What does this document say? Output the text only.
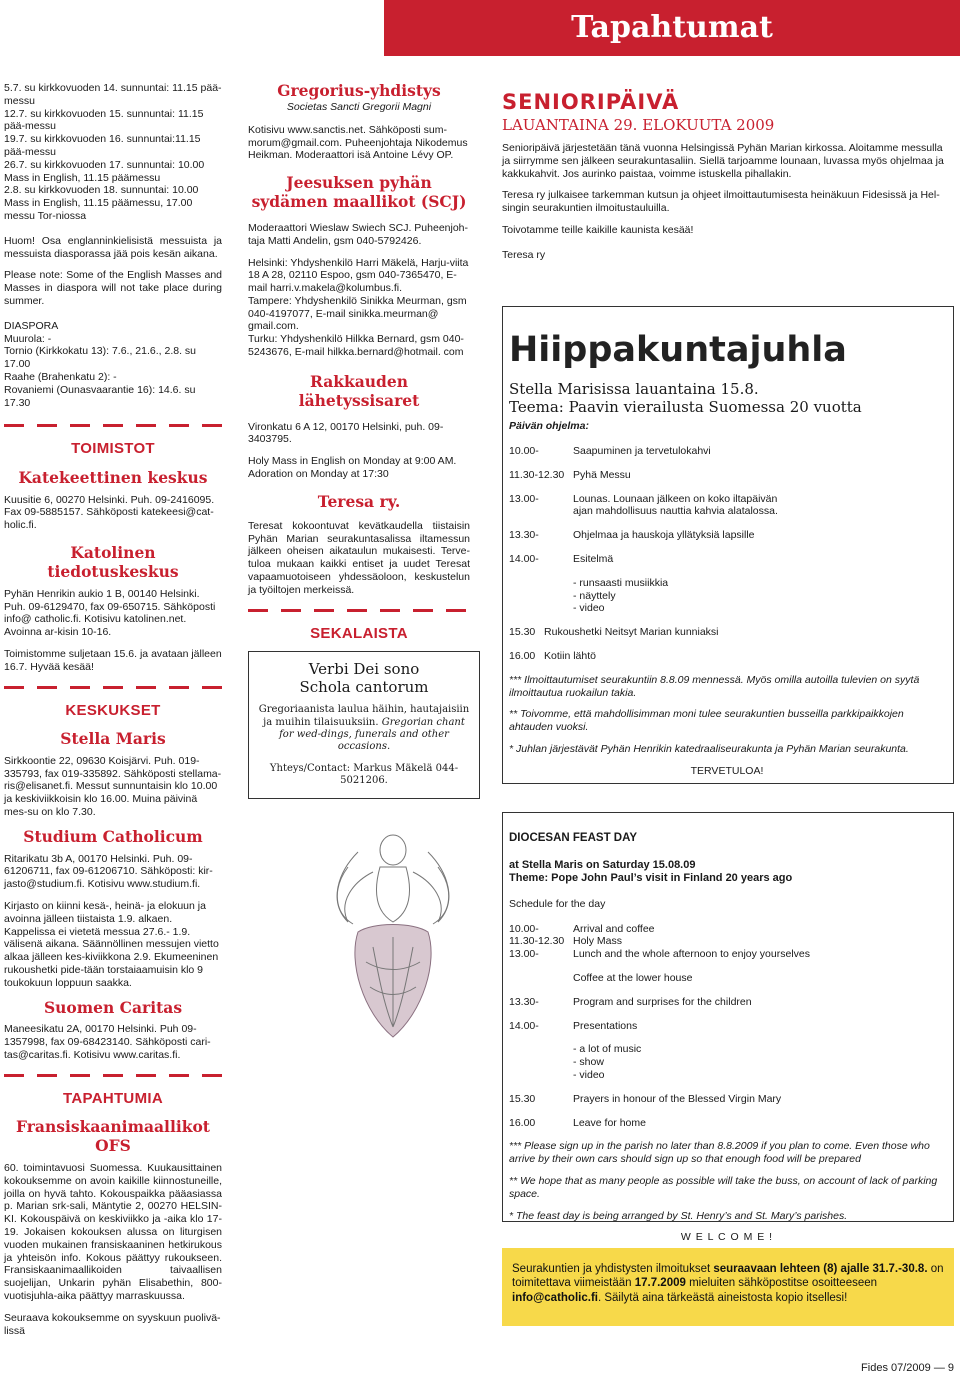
Tapahtumat

5.7. su kirkkovuoden 14. sunnuntai: 11.15 pää-messu

12.7. su kirkkovuoden 15. sunnuntai: 11.15 pää-messu

19.7. su kirkkovuoden 16. sunnuntai:11.15 pää-messu

26.7. su kirkkovuoden 17. sunnuntai: 10.00 Mass in English, 11.15 päämessu

2.8. su kirkkovuoden 18. sunnuntai: 10.00 Mass in English, 11.15 päämessu, 17.00 messu Tor-niossa

Huom! Osa englanninkielisistä messuista ja messuista diasporassa jää pois kesän aikana.

Please note: Some of the English Masses and Masses in diaspora will not take place during summer.

DIASPORA

Muurola: -

Tornio (Kirkkokatu 13): 7.6., 21.6., 2.8. su 17.00

Raahe (Brahenkatu 2): -

Rovaniemi (Ounasvaarantie 16): 14.6. su 17.30

TOIMISTOT

Katekeettinen keskus

Kuusitie 6, 00270 Helsinki. Puh. 09-2416095. Fax 09-5885157. Sähköposti katekeesi@cat-holic.fi.

Katolinen tiedotuskeskus

Pyhän Henrikin aukio 1 B, 00140 Helsinki. Puh. 09-6129470, fax 09-650715. Sähköposti info@ catholic.fi. Kotisivu katolinen.net. Avoinna ar-kisin 10-16.

Toimistomme suljetaan 15.6. ja avataan jälleen 16.7. Hyvää kesää!

KESKUKSET

Stella Maris

Sirkkoontie 22, 09630 Koisjärvi. Puh. 019-335793, fax 019-335892. Sähköposti stellama-ris@elisanet.fi. Messut sunnuntaisin klo 10.00 ja keskiviikkoisin klo 16.00. Muina päivinä mes-su on klo 7.30.

Studium Catholicum

Ritarikatu 3b A, 00170 Helsinki. Puh. 09-61206711, fax 09-61206710. Sähköposti: kir-jasto@studium.fi. Kotisivu www.studium.fi.

Kirjasto on kiinni kesä-, heinä- ja elokuun ja avoinna jälleen tiistaista 1.9. alkaen. Kappelissa ei vietetä messua 27.6.- 1.9. välisenä aikana. Säännöllinen messujen vietto alkaa jälleen kes-kiviikkona 2.9. Ekumeeninen rukoushetki pide-tään torstaiaamuisin klo 9 toukokuun loppuun saakka.

Suomen Caritas

Maneesikatu 2A, 00170 Helsinki. Puh 09-1357998, fax 09-68423140. Sähköposti cari-tas@caritas.fi. Kotisivu www.caritas.fi.

TAPAHTUMIA

Fransiskaanimaallikot OFS

60. toimintavuosi Suomessa. Kuukausittainen kokouksemme on avoin kaikille kiinnostuneille, joilla on hyvä tahto. Kokouspaikka pääasiassa p. Marian srk-sali, Mäntytie 2, 00270 HELSIN-KI. Kokouspäivä on keskiviikko ja -aika klo 17-19. Jokaisen kokouksen alussa on liturgisen vuoden mukainen fransiskaaninen hetkirukous ja yhteisön info. Kokous päättyy rukoukseen. Fransiskaanimaallikoiden taivaallisen suojelijan, Unkarin pyhän Elisabethin, 800-vuotisjuhla-aika päättyy marraskuussa.

Seuraava kokouksemme on syyskuun puolivä-lissä

Gregorius-yhdistys

Societas Sancti Gregorii Magni

Kotisivu www.sanctis.net. Sähköposti sum-morum@gmail.com. Puheenjohtaja Nikodemus Heikman. Moderaattori isä Antoine Lévy OP.

Jeesuksen pyhän sydämen maallikot (SCJ)

Moderaattori Wieslaw Swiech SCJ. Puheenjoh-taja Matti Andelin, gsm 040-5792426.

Helsinki: Yhdyshenkilö Harri Mäkelä, Harju-viita 18 A 28, 02110 Espoo, gsm 040-7365470, E-mail harri.v.makela@kolumbus.fi.

Tampere: Yhdyshenkilö Sinikka Meurman, gsm 040-4197077, E-mail sinikka.meurman@ gmail.com.

Turku: Yhdyshenkilö Hilkka Bernard, gsm 040-5243676, E-mail hilkka.bernard@hotmail. com

Rakkauden lähetyssisaret

Vironkatu 6 A 12, 00170 Helsinki, puh. 09-3403795.

Holy Mass in English on Monday at 9:00 AM. Adoration on Monday at 17:30

Teresa ry.

Teresat kokoontuvat kevätkaudella tiistaisin Pyhän Marian seurakuntasalissa iltamessun jälkeen oheisen aikataulun mukaisesti. Terve-tuloa mukaan kaikki entiset ja uudet Teresat vapaamuotoiseen yhdessäoloon, keskustelun ja työiltojen merkeissä.

SEKALAISTA

Verbi Dei sono

Schola cantorum

Gregoriaanista laulua häihin, hautajaisiin ja muihin tilaisuuksiin. Gregorian chant for wed-dings, funerals and other occasions.

Yhteys/Contact: Markus Mäkelä 044-5021206.

SENIORIPÄIVÄ

LAUANTAINA 29. ELOKUUTA 2009

Senioripäivä järjestetään tänä vuonna Helsingissä Pyhän Marian kirkossa. Aloitamme messulla ja siirrymme sen jälkeen seurakuntasaliin. Siellä tarjoamme lounaan, luvassa myös ohjelmaa ja kakkukahvit. Jos aurinko paistaa, voimme istuskella pihallakin.

Teresa ry julkaisee tarkemman kutsun ja ohjeet ilmoittautumisesta heinäkuun Fidesissä ja Hel-singin seurakuntien ilmoitustauluilla.

Toivotamme teille kaikille kaunista kesää!

Teresa ry

Hiippakuntajuhla

Stella Marisissa lauantaina 15.8.

Teema: Paavin vierailusta Suomessa 20 vuotta

Päivän ohjelma:

10.00-	Saapuminen ja tervetulokahvi
11.30-12.30 Pyhä Messu
13.00-	Lounas. Lounaan jälkeen on koko iltapäivän ajan mahdollisuus nauttia kahvia alatalossa.
13.30-	Ohjelmaa ja hauskoja yllätyksiä lapsille
14.00-	Esitelmä

- runsaasti musiikkia

- näyttely

- video

15.30   Rukoushetki Neitsyt Marian kunniaksi

16.00   Kotiin lähtö

*** Ilmoittautumiset seurakuntiin 8.8.09 mennessä. Myös omilla autoilla tulevien on syytä ilmoittautua ruokailun takia.

** Toivomme, että mahdollisimman moni tulee seurakuntien busseilla parkkipaikkojen ahtauden vuoksi.

* Juhlan järjestävät Pyhän Henrikin katedraaliseurakunta ja Pyhän Marian seurakunta.

TERVETULOA!

DIOCESAN FEAST DAY

at Stella Maris on Saturday 15.08.09

Theme: Pope John Paul’s visit in Finland 20 years ago

Schedule for the day

10.00-	Arrival and coffee
11.30-12.30 Holy Mass
13.00-	Lunch and the whole afternoon to enjoy yourselves

Coffee at the lower house

13.30-	Program and surprises for the children
14.00-	Presentations

- a lot of music

- show

- video

15.30	Prayers in honour of the Blessed Virgin Mary
16.00	Leave for home

*** Please sign up in the parish no later than 8.8.2009 if you plan to come. Even those who arrive by their own cars should sign up so that enough food will be prepared

** We hope that as many people as possible will take the buss, on account of lack of parking space.

* The feast day is being arranged by St. Henry’s and St. Mary’s parishes.

W E L C O M E !

Seurakuntien ja yhdistysten ilmoitukset seuraavaan lehteen (8) ajalle 31.7.-30.8. on toimitettava viimeistään 17.7.2009 mieluiten sähköpostitse osoitteeseen info@catholic.fi. Säilytä aina tärkeästä aineistosta kopio itsellesi!
Fides 07/2009 — 9
